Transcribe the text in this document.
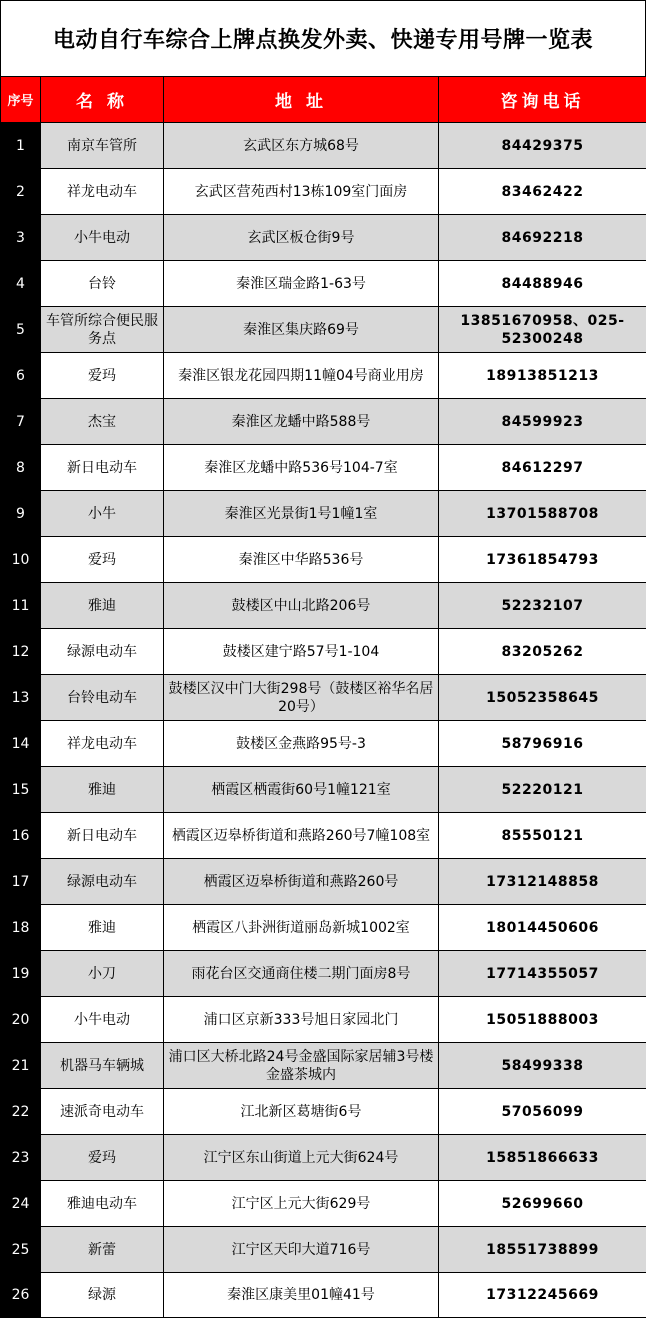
电动自行车综合上牌点换发外卖、快递专用号牌一览表
序号	名 称	地 址	咨询电话
1	南京车管所	玄武区东方城68号	84429375
2	祥龙电动车	玄武区营苑西村13栋109室门面房	83462422
3	小牛电动	玄武区板仓街9号	84692218
4	台铃	秦淮区瑞金路1-63号	84488946
5	车管所综合便民服务点	秦淮区集庆路69号	13851670958、025-52300248
6	爱玛	秦淮区银龙花园四期11幢04号商业用房	18913851213
7	杰宝	秦淮区龙蟠中路588号	84599923
8	新日电动车	秦淮区龙蟠中路536号104-7室	84612297
9	小牛	秦淮区光景街1号1幢1室	13701588708
10	爱玛	秦淮区中华路536号	17361854793
11	雅迪	鼓楼区中山北路206号	52232107
12	绿源电动车	鼓楼区建宁路57号1-104	83205262
13	台铃电动车	鼓楼区汉中门大街298号（鼓楼区裕华名居20号）	15052358645
14	祥龙电动车	鼓楼区金燕路95号-3	58796916
15	雅迪	栖霞区栖霞街60号1幢121室	52220121
16	新日电动车	栖霞区迈皋桥街道和燕路260号7幢108室	85550121
17	绿源电动车	栖霞区迈皋桥街道和燕路260号	17312148858
18	雅迪	栖霞区八卦洲街道丽岛新城1002室	18014450606
19	小刀	雨花台区交通商住楼二期门面房8号	17714355057
20	小牛电动	浦口区京新333号旭日家园北门	15051888003
21	机器马车辆城	浦口区大桥北路24号金盛国际家居辅3号楼金盛茶城内	58499338
22	速派奇电动车	江北新区葛塘街6号	57056099
23	爱玛	江宁区东山街道上元大街624号	15851866633
24	雅迪电动车	江宁区上元大街629号	52699660
25	新蕾	江宁区天印大道716号	18551738899
26	绿源	秦淮区康美里01幢41号	17312245669
